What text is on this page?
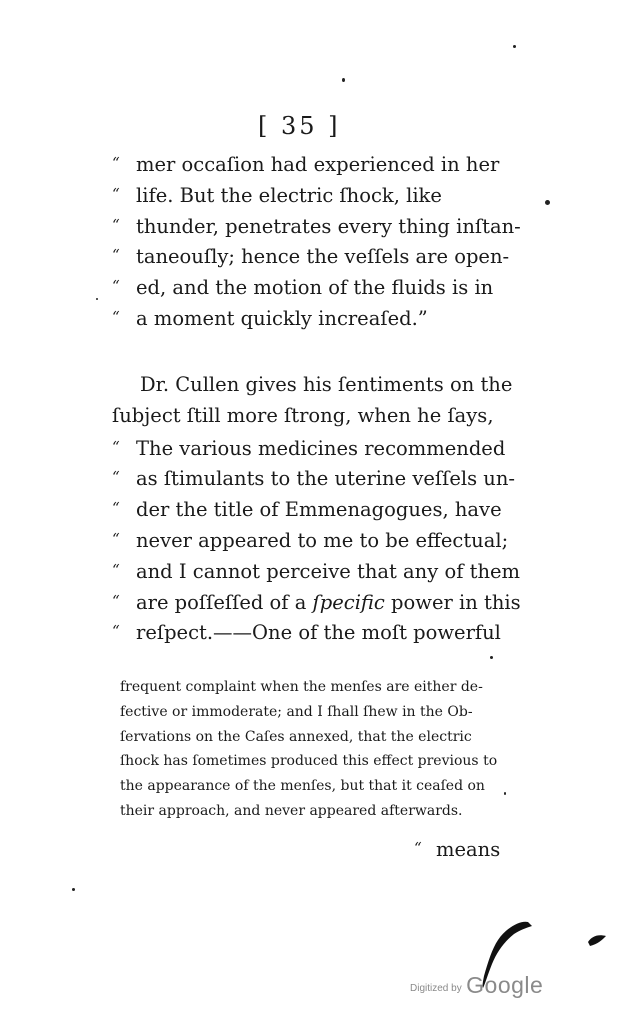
[ 35 ]
“ mer occaſion had experienced in her
“ life. But the electric ſhock, like
“ thunder, penetrates every thing inſtan-
“ taneouſly; hence the veſſels are open-
“ ed, and the motion of the fluids is in
“ a moment quickly increaſed.”
Dr. Cullen gives his ſentiments on the
ſubject ſtill more ſtrong, when he ſays,
“ The various medicines recommended
“ as ſtimulants to the uterine veſſels un-
“ der the title of Emmenagogues, have
“ never appeared to me to be effectual;
“ and I cannot perceive that any of them
“ are poſſeſſed of a ſpecific power in this
“ reſpect.——One of the moſt powerful
frequent complaint when the menſes are either de-
fective or immoderate; and I ſhall ſhew in the Ob-
ſervations on the Caſes annexed, that the electric
ſhock has ſometimes produced this effect previous to
the appearance of the menſes, but that it ceaſed on
their approach, and never appeared afterwards.
“ means
Digitized by Google
